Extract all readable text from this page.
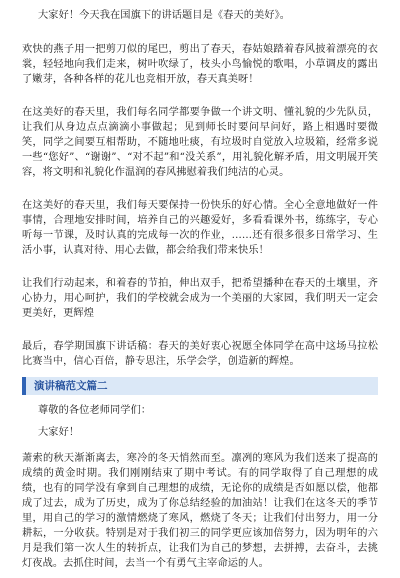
大家好！今天我在国旗下的讲话题目是《春天的美好》。

欢快的燕子用一把剪刀似的尾巴，剪出了春天，春姑娘踏着春风披着漂亮的衣裳，轻轻地向我们走来，树叶吹绿了，枝头小鸟愉悦的歌唱，小草调皮的露出了嫩芽，各种各样的花儿也竞相开放，春天真美呀！

在这美好的春天里，我们每名同学都要争做一个讲文明、懂礼貌的少先队员，让我们从身边点点滴滴小事做起；见到师长时要问早问好，路上相遇时要微笑，同学之间要互相帮助，不随地吐痰，有垃圾时自觉放入垃圾箱，经常多说一些“您好”、“谢谢”、“对不起”和“没关系”，用礼貌化解矛盾，用文明展开笑容，将文明和礼貌化作温润的春风拂慰着我们纯洁的心灵。

在这美好的春天里，我们每天要保持一份快乐的好心情。全心全意地做好一件事情，合理地安排时间，培养自己的兴趣爱好，多看看课外书，练练字，专心听每一节课，及时认真的完成每一次的作业，……还有很多很多日常学习、生活小事，认真对待、用心去做，都会给我们带来快乐！

让我们行动起来，和着春的节拍，伸出双手，把希望播种在春天的土壤里，齐心协力，用心呵护，我们的学校就会成为一个美丽的大家园，我们明天一定会更美好，更辉煌

最后，春学期国旗下讲话稿：春天的美好衷心祝愿全体同学在高中这场马拉松比赛当中，信心百倍，静专思注，乐学会学，创造新的辉煌。

演讲稿范文篇二

尊敬的各位老师同学们：

大家好！

萧索的秋天渐渐离去，寒冷的冬天悄然而至。凛冽的寒风为我们送来了提高的成绩的黄金时期。我们刚刚结束了期中考试。有的同学取得了自己理想的成绩，也有的同学没有拿到自己理想的成绩，无论你的成绩是否如愿以偿，他都成了过去，成为了历史，成为了你总结经验的加油站！让我们在这冬天的季节里，用自己的学习的激情燃烧了寒风，燃烧了冬天；让我们付出努力，用一分耕耘，一分收获。特别是对于我们初三的同学更应该加倍努力，因为明年的六月是我们第一次人生的转折点，让我们为自己的梦想，去拼搏，去奋斗，去挑灯夜战。去抓住时间，去当一个有勇气主宰命运的人。
